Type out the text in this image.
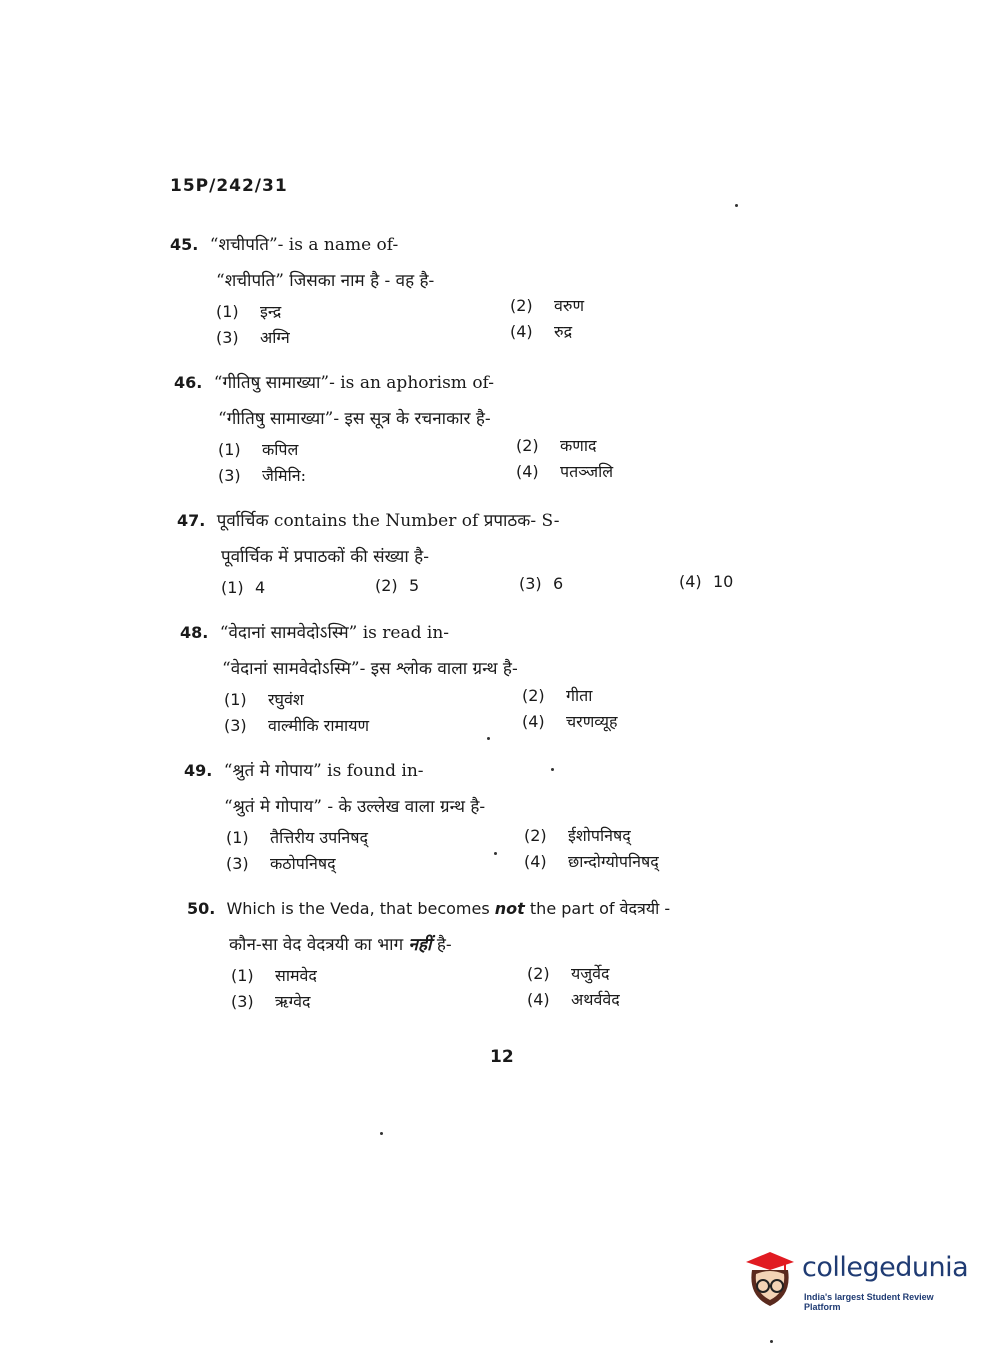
15P/242/31
45. “शचीपति”- is a name of-
“शचीपति” जिसका नाम है - वह है-
(1) इन्द्र	(2) वरुण
(3) अग्नि	(4) रुद्र
46. “गीतिषु सामाख्या”- is an aphorism of-
“गीतिषु सामाख्या”- इस सूत्र के रचनाकार है-
(1) कपिल	(2) कणाद
(3) जैमिनि:	(4) पतञ्जलि
47. पूर्वार्चिक contains the Number of प्रपाठक- S-
पूर्वार्चिक में प्रपाठकों की संख्या है-
(1) 4	(2) 5	(3) 6	(4) 10
48. “वेदानां सामवेदोऽस्मि” is read in-
“वेदानां सामवेदोऽस्मि”- इस श्लोक वाला ग्रन्थ है-
(1) रघुवंश	(2) गीता
(3) वाल्मीकि रामायण	(4) चरणव्यूह
49. “श्रुतं मे गोपाय” is found in-
“श्रुतं मे गोपाय” - के उल्लेख वाला ग्रन्थ है-
(1) तैत्तिरीय उपनिषद्	(2) ईशोपनिषद्
(3) कठोपनिषद्	(4) छान्दोग्योपनिषद्
50. Which is the Veda, that becomes not the part of वेदत्रयी -
कौन-सा वेद वेदत्रयी का भाग नहीं है-
(1) सामवेद	(2) यजुर्वेद
(3) ऋग्वेद	(4) अथर्ववेद
12
collegedunia
India's largest Student Review Platform
